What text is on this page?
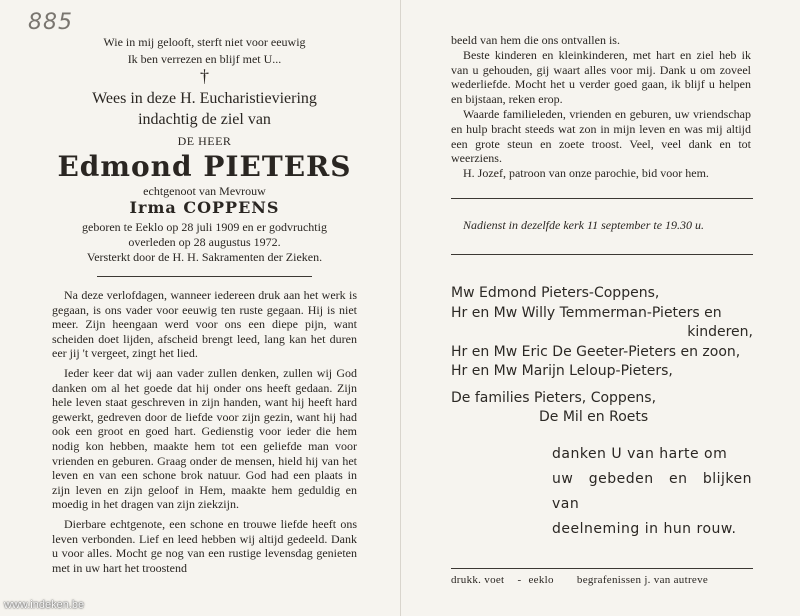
885
Wie in mij gelooft, sterft niet voor eeuwig
Ik ben verrezen en blijf met U...
†
Wees in deze H. Eucharistieviering
indachtig de ziel van
DE HEER
Edmond PIETERS
echtgenoot van Mevrouw
Irma COPPENS
geboren te Eeklo op 28 juli 1909 en er godvruchtig
overleden op 28 augustus 1972.
Versterkt door de H. H. Sakramenten der Zieken.

Na deze verlofdagen, wanneer iedereen druk aan het werk is gegaan, is ons vader voor eeuwig ten ruste gegaan. Hij is niet meer. Zijn heengaan werd voor ons een diepe pijn, want scheiden doet lijden, afscheid brengt leed, lang kan het duren eer jij 't vergeet, zingt het lied.

Ieder keer dat wij aan vader zullen denken, zullen wij God danken om al het goede dat hij onder ons heeft gedaan. Zijn hele leven staat geschreven in zijn handen, want hij heeft hard gewerkt, gedreven door de liefde voor zijn gezin, want hij had ook een groot en goed hart. Gedienstig voor ieder die hem nodig kon hebben, maakte hem tot een geliefde man voor vrienden en geburen. Graag onder de mensen, hield hij van het leven en van een schone brok natuur. God had een plaats in zijn leven en zijn geloof in Hem, maakte hem geduldig en moedig in het dragen van zijn ziekzijn.

Dierbare echtgenote, een schone en trouwe liefde heeft ons leven verbonden. Lief en leed hebben wij altijd gedeeld. Dank u voor alles. Mocht ge nog van een rustige levensdag genieten met in uw hart het troostend

beeld van hem die ons ontvallen is.

Beste kinderen en kleinkinderen, met hart en ziel heb ik van u gehouden, gij waart alles voor mij. Dank u om zoveel wederliefde. Mocht het u verder goed gaan, ik blijf u helpen en bijstaan, reken erop.

Waarde familieleden, vrienden en geburen, uw vriendschap en hulp bracht steeds wat zon in mijn leven en was mij altijd een grote steun en zoete troost. Veel, veel dank en tot weerziens.

H. Jozef, patroon van onze parochie, bid voor hem.

Nadienst in dezelfde kerk 11 september te 19.30 u.
Mw Edmond Pieters-Coppens,
Hr en Mw Willy Temmerman-Pieters en
kinderen,
Hr en Mw Eric De Geeter-Pieters en zoon,
Hr en Mw Marijn Leloup-Pieters,
De families Pieters, Coppens,
De Mil en Roets
danken U van harte om
uw gebeden en blijken van
deelneming in hun rouw.
drukk. voet - eeklo begrafenissen j. van autreve
www.indeken.be
